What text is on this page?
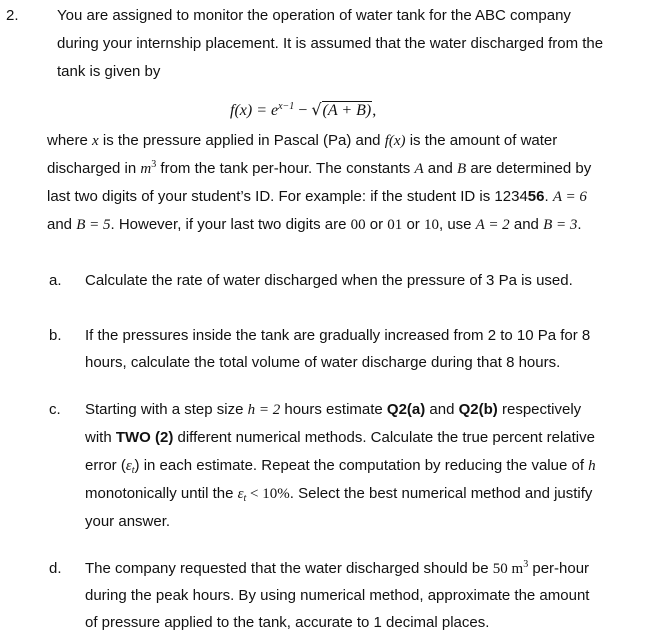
2.	You are assigned to monitor the operation of water tank for the ABC company
during your internship placement. It is assumed that the water discharged from the
tank is given by
$f(x) = e^{x-1} - √(A + B)$,
where x is the pressure applied in Pascal (Pa) and f(x) is the amount of water
discharged in $m^3$ from the tank per-hour. The constants A and B are determined by
last two digits of your student’s ID. For example: if the student ID is 123456. A = 6
and B = 5. However, if your last two digits are 00 or 01 or 10, use A = 2 and B = 3.
a. Calculate the rate of water discharged when the pressure of 3 Pa is used.
b. If the pressures inside the tank are gradually increased from 2 to 10 Pa for 8
hours, calculate the total volume of water discharge during that 8 hours.
c. Starting with a step size h = 2 hours estimate Q2(a) and Q2(b) respectively
with TWO (2) different numerical methods. Calculate the true percent relative
error $(\varepsilon_t)$ in each estimate. Repeat the computation by reducing the value of h
monotonically until the $\varepsilon_t < 10\%$. Select the best numerical method and justify
your answer.
d. The company requested that the water discharged should be 50 $m^3$ per-hour
during the peak hours. By using numerical method, approximate the amount
of pressure applied to the tank, accurate to 1 decimal places.
